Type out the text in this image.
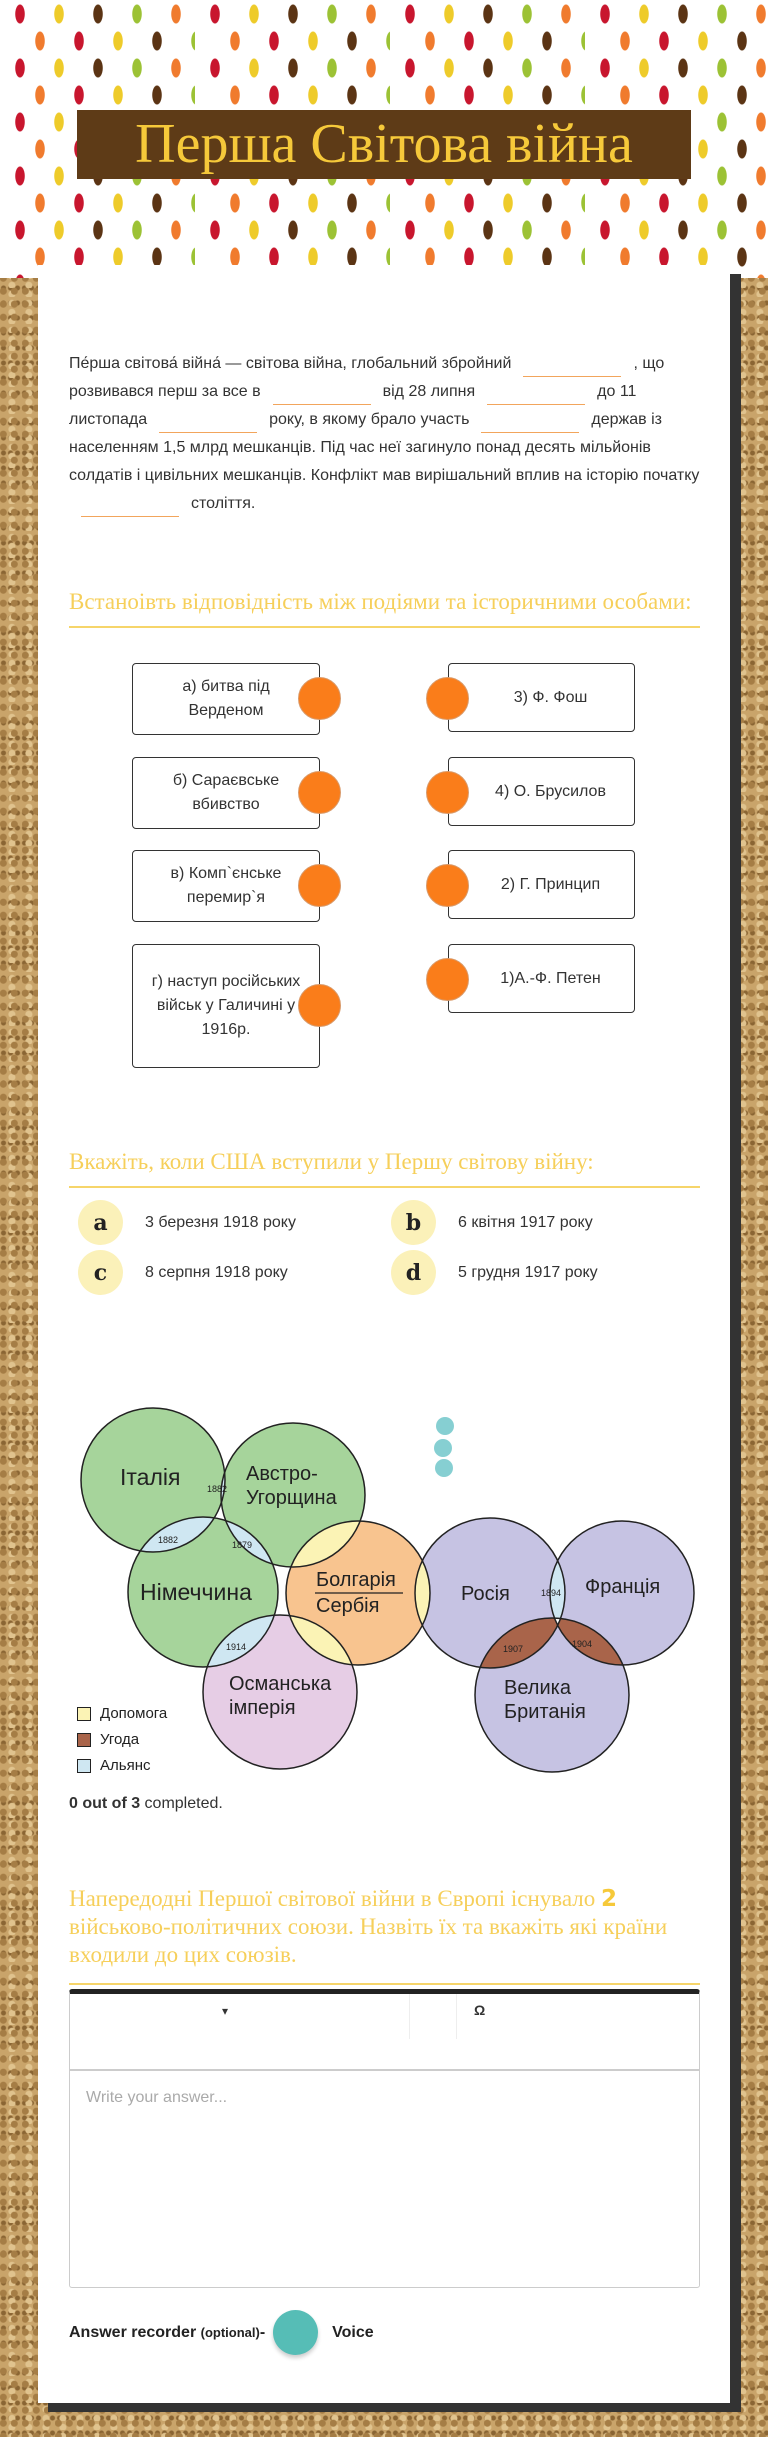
Перша Світова війна
Пе́рша світова́ війна́ — світова війна, глобальний збройний	, що розвивався перш за все в	від 28 липня	до 11 листопада	року, в якому брало участь	держав із населенням 1,5 млрд мешканців. Під час неї загинуло понад десять мільйонів солдатів і цивільних мешканців. Конфлікт мав вирішальний вплив на історію початкустоліття.
Встаноівть відповідність між подіями та історичними особами:
а) битва під Верденом
б) Сараєвське вбивство
в) Комп`єнське перемир`я
г) наступ російських військ у Галичині у 1916р.
3) Ф. Фош
4) О. Брусилов
2) Г. Принцип
1)А.-Ф. Петен
Вкажіть, коли США вступили у Першу світову війну:
a	3 березня 1918 року	b	6 квітня 1917 року
c	8 серпня 1918 року	d	5 грудня 1917 року
Італія	Австро-
Угорщина
Німеччина	Болгарія
Сербія
Османська
імперія
Росія	Франція
Велика
Британія
1882
1882	1879
1914
1894
1907	1904
Допомога
Угода
Альянс
0 out of 3 completed.
Напередодні Першої світової війни в Європі існувало 2 військово-політичних союзи. Назвіть їх та вкажіть які країни входили до цих союзів.
▾	Ω
Write your answer...
Answer recorder
(optional) -	Voice
